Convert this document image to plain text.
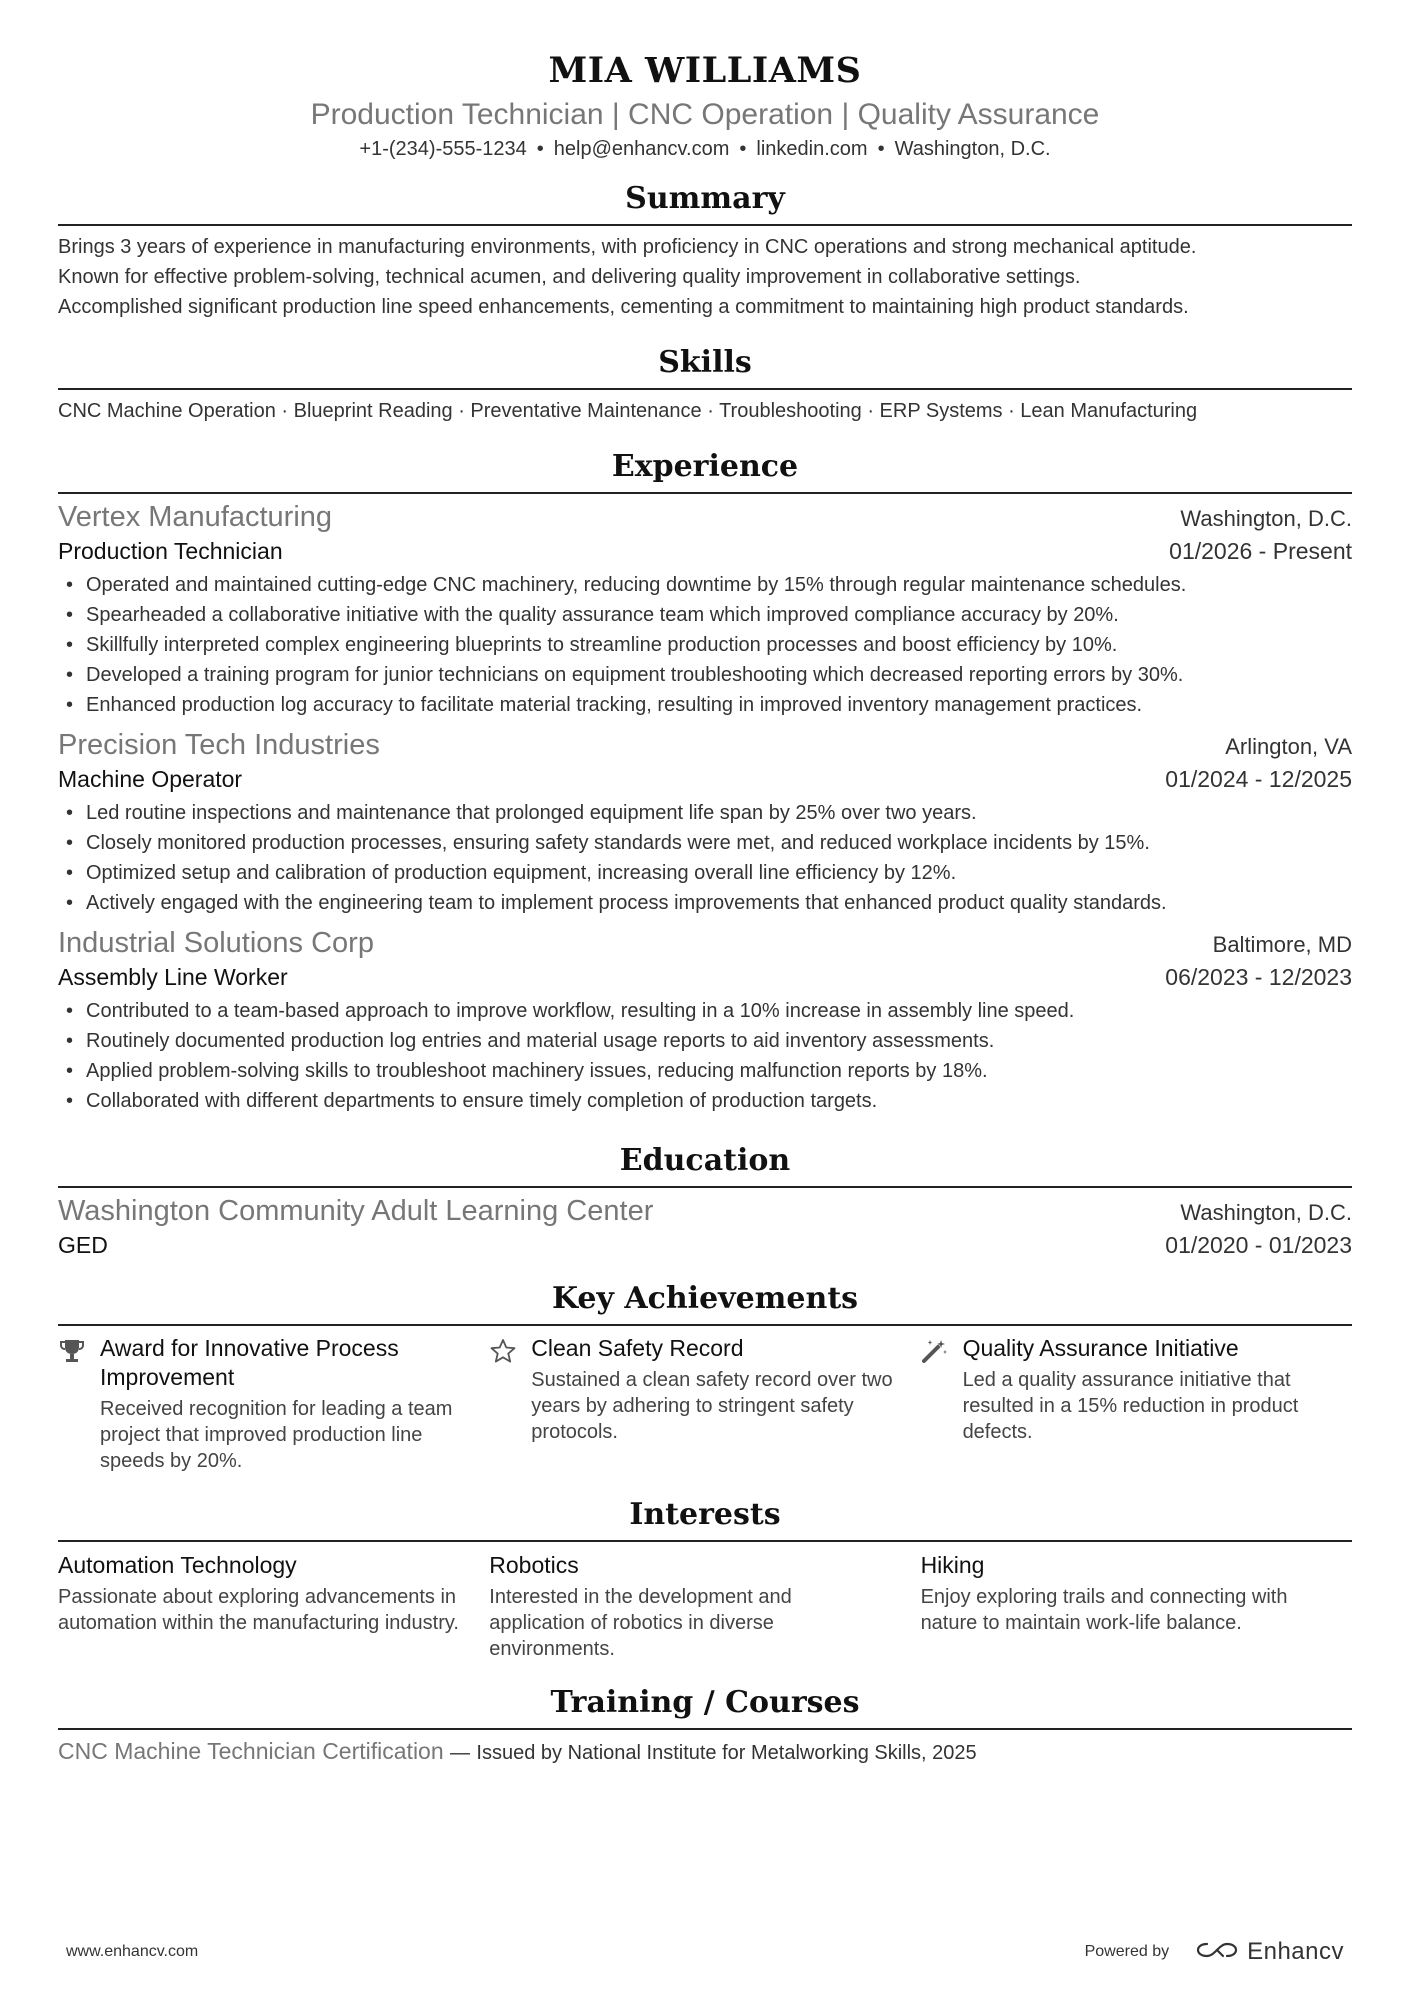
MIA WILLIAMS
Production Technician | CNC Operation | Quality Assurance
+1-(234)-555-1234 • help@enhancv.com • linkedin.com • Washington, D.C.
Summary
Brings 3 years of experience in manufacturing environments, with proficiency in CNC operations and strong mechanical aptitude.
Known for effective problem-solving, technical acumen, and delivering quality improvement in collaborative settings.
Accomplished significant production line speed enhancements, cementing a commitment to maintaining high product standards.
Skills
CNC Machine Operation · Blueprint Reading · Preventative Maintenance · Troubleshooting · ERP Systems · Lean Manufacturing
Experience
Vertex Manufacturing	Washington, D.C.
Production Technician	01/2026 - Present
• Operated and maintained cutting-edge CNC machinery, reducing downtime by 15% through regular maintenance schedules.
• Spearheaded a collaborative initiative with the quality assurance team which improved compliance accuracy by 20%.
• Skillfully interpreted complex engineering blueprints to streamline production processes and boost efficiency by 10%.
• Developed a training program for junior technicians on equipment troubleshooting which decreased reporting errors by 30%.
• Enhanced production log accuracy to facilitate material tracking, resulting in improved inventory management practices.
Precision Tech Industries	Arlington, VA
Machine Operator	01/2024 - 12/2025
• Led routine inspections and maintenance that prolonged equipment life span by 25% over two years.
• Closely monitored production processes, ensuring safety standards were met, and reduced workplace incidents by 15%.
• Optimized setup and calibration of production equipment, increasing overall line efficiency by 12%.
• Actively engaged with the engineering team to implement process improvements that enhanced product quality standards.
Industrial Solutions Corp	Baltimore, MD
Assembly Line Worker	06/2023 - 12/2023
• Contributed to a team-based approach to improve workflow, resulting in a 10% increase in assembly line speed.
• Routinely documented production log entries and material usage reports to aid inventory assessments.
• Applied problem-solving skills to troubleshoot machinery issues, reducing malfunction reports by 18%.
• Collaborated with different departments to ensure timely completion of production targets.
Education
Washington Community Adult Learning Center	Washington, D.C.
GED	01/2020 - 01/2023
Key Achievements
Award for Innovative Process Improvement
Received recognition for leading a team project that improved production line speeds by 20%.
Clean Safety Record
Sustained a clean safety record over two years by adhering to stringent safety protocols.
Quality Assurance Initiative
Led a quality assurance initiative that resulted in a 15% reduction in product defects.
Interests
Automation Technology
Passionate about exploring advancements in automation within the manufacturing industry.
Robotics
Interested in the development and application of robotics in diverse environments.
Hiking
Enjoy exploring trails and connecting with nature to maintain work-life balance.
Training / Courses
CNC Machine Technician Certification — Issued by National Institute for Metalworking Skills, 2025
www.enhancv.com	Powered by	Enhancv
